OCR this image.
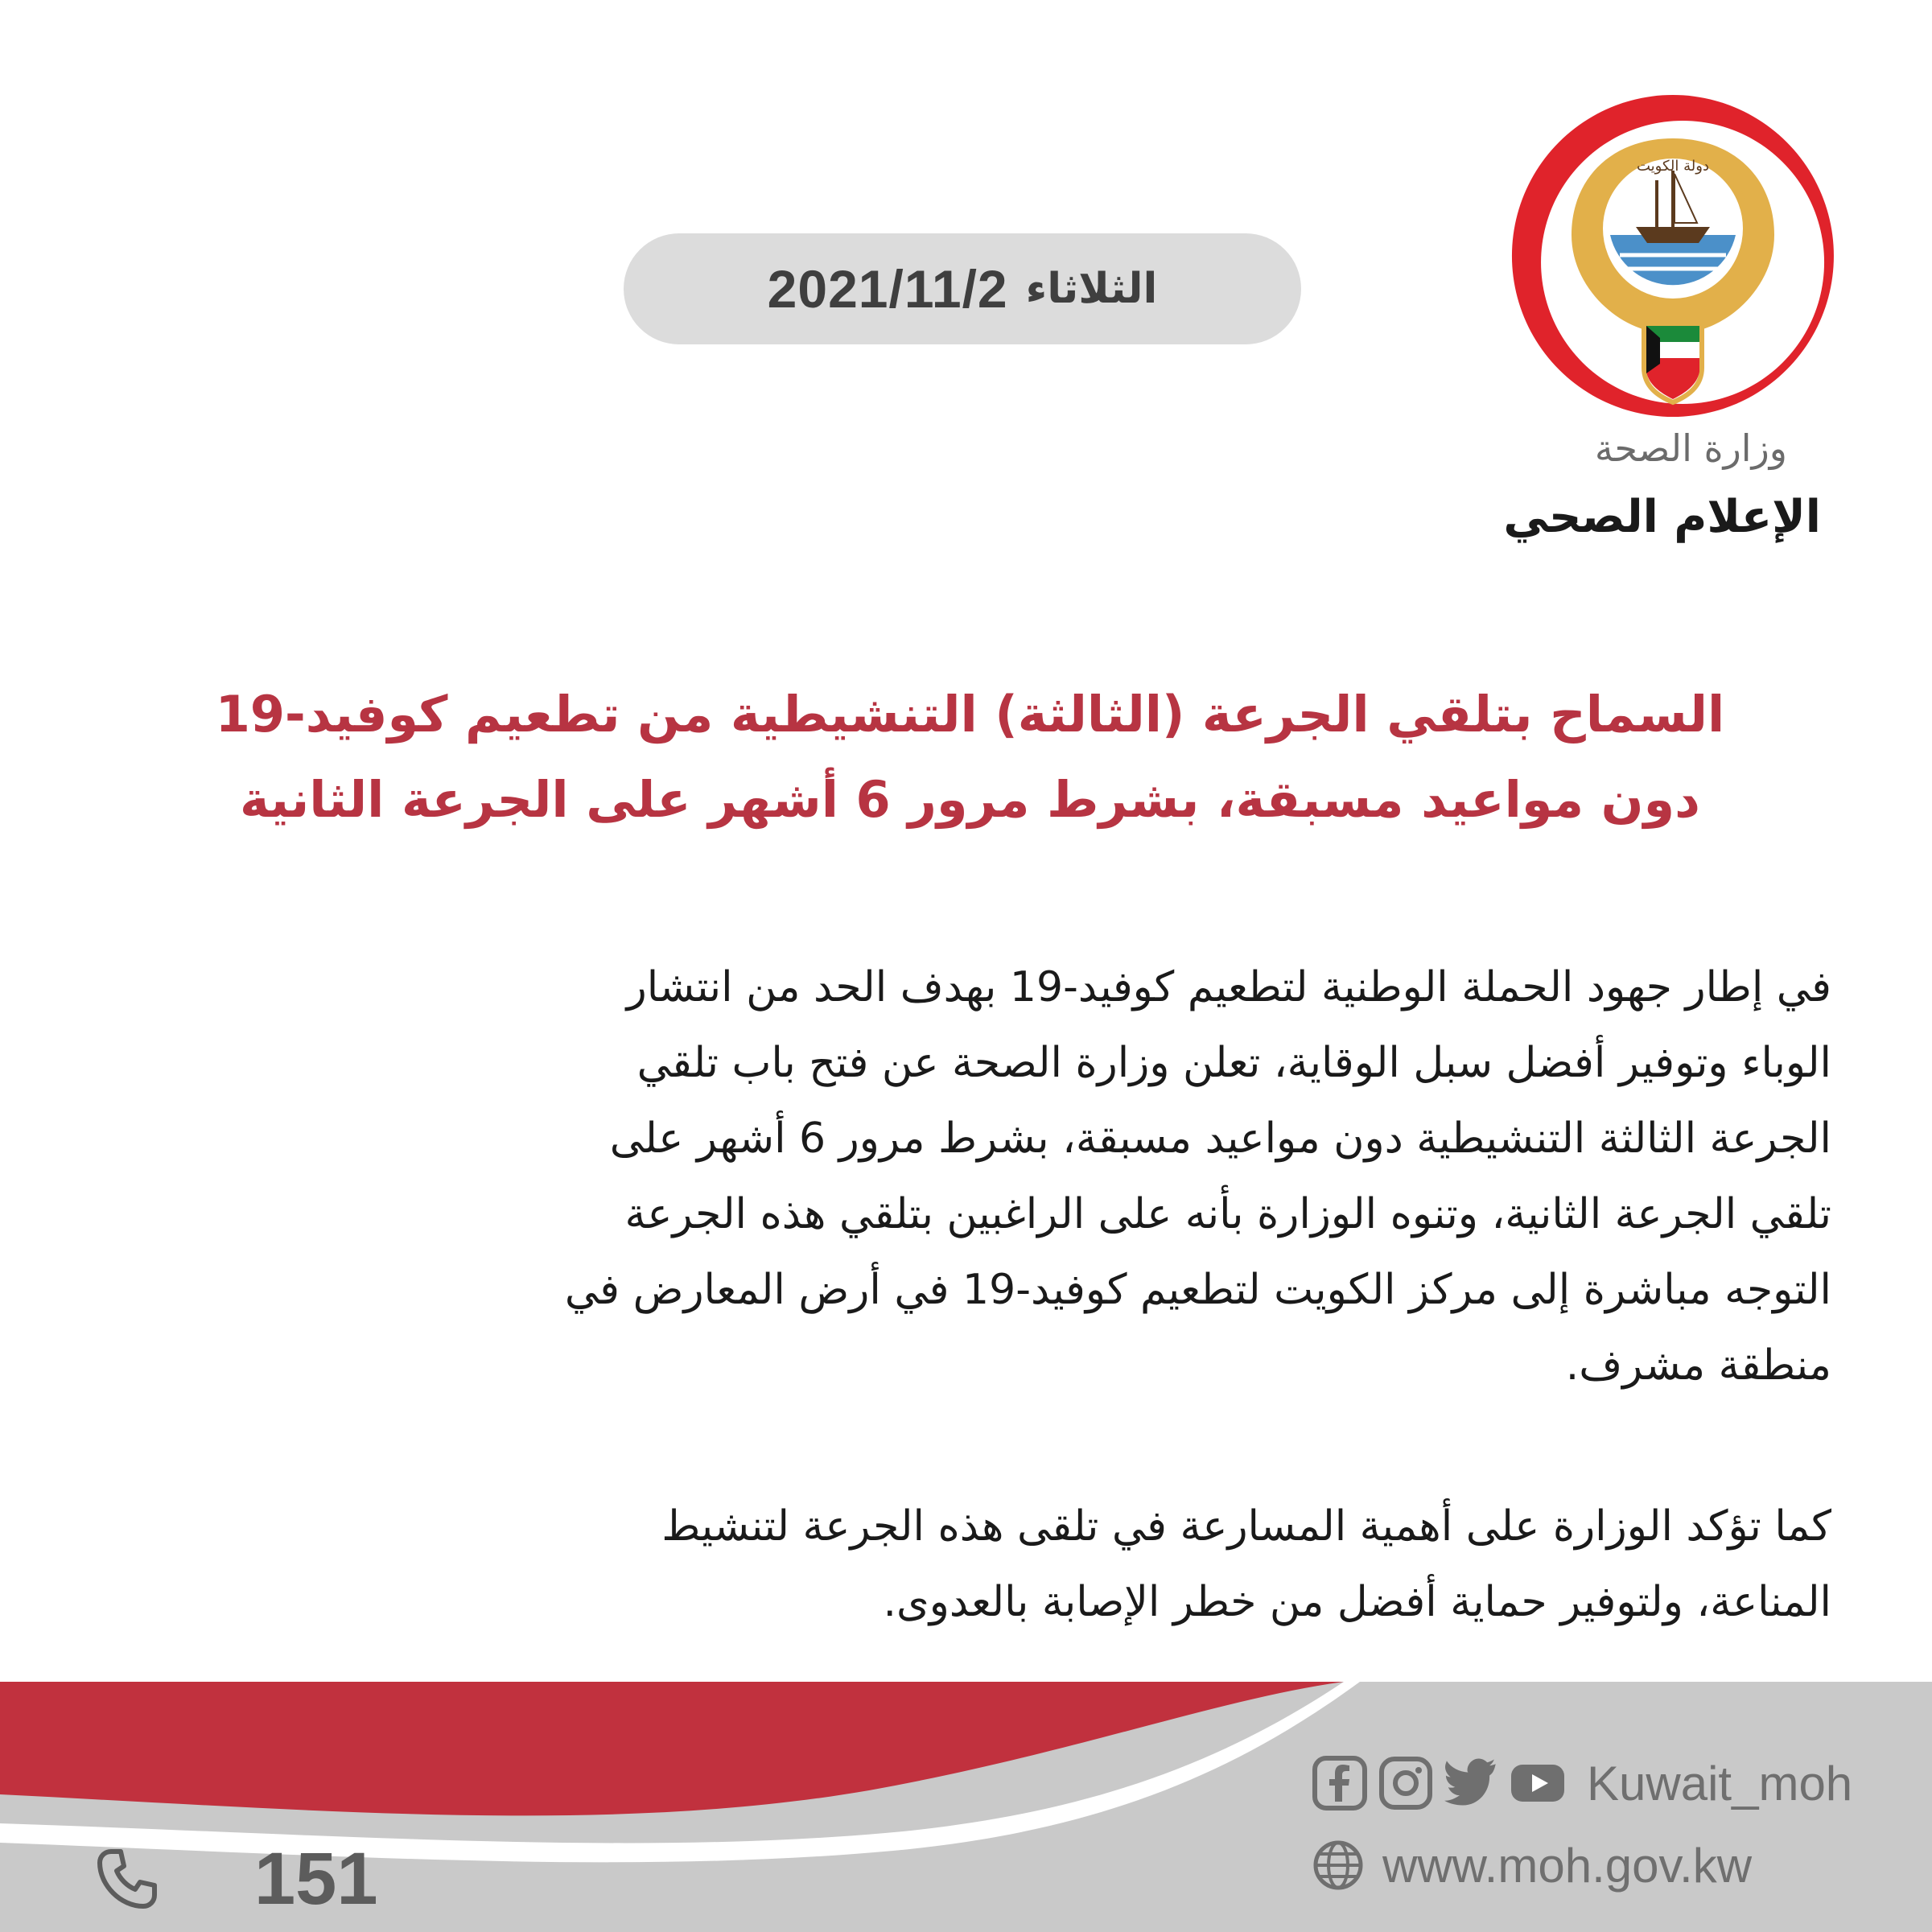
الثلاثاء
2021/11/2
دولة الكويت
وزارة الصحة
الإعلام الصحي
السماح بتلقي الجرعة (الثالثة) التنشيطية من تطعيم كوفيد-19
دون مواعيد مسبقة، بشرط مرور 6 أشهر على الجرعة الثانية
في إطار جهود الحملة الوطنية لتطعيم كوفيد-19 بهدف الحد من انتشار
الوباء وتوفير أفضل سبل الوقاية، تعلن وزارة الصحة عن فتح باب تلقي
الجرعة الثالثة التنشيطية دون مواعيد مسبقة، بشرط مرور 6 أشهر على
تلقي الجرعة الثانية، وتنوه الوزارة بأنه على الراغبين بتلقي هذه الجرعة
التوجه مباشرة إلى مركز الكويت لتطعيم كوفيد-19 في أرض المعارض في
منطقة مشرف.
كما تؤكد الوزارة على أهمية المسارعة في تلقى هذه الجرعة لتنشيط
المناعة، ولتوفير حماية أفضل من خطر الإصابة بالعدوى.
Kuwait_moh
www.moh.gov.kw
151
